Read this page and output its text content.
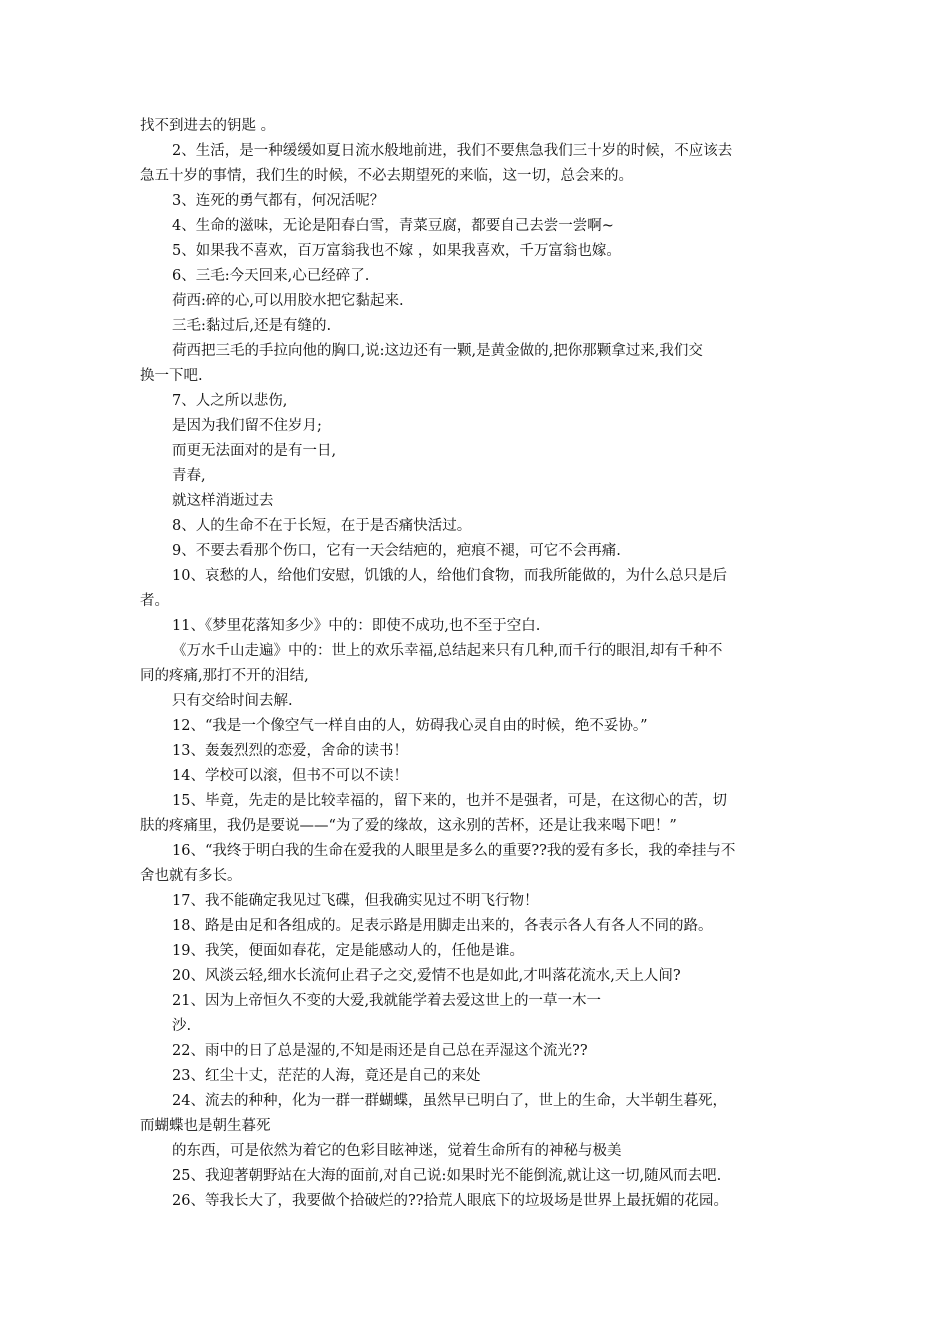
找不到进去的钥匙 。
2、生活，是一种缓缓如夏日流水般地前进，我们不要焦急我们三十岁的时候，不应该去
急五十岁的事情，我们生的时候，不必去期望死的来临，这一切，总会来的。
3、连死的勇气都有，何况活呢？
4、生命的滋味，无论是阳春白雪，青菜豆腐，都要自己去尝一尝啊~
5、如果我不喜欢，百万富翁我也不嫁 ，如果我喜欢，千万富翁也嫁。
6、三毛:今天回来,心已经碎了.
荷西:碎的心,可以用胶水把它黏起来.
三毛:黏过后,还是有缝的.
荷西把三毛的手拉向他的胸口,说:这边还有一颗,是黄金做的,把你那颗拿过来,我们交
换一下吧.
7、人之所以悲伤,
是因为我们留不住岁月;
而更无法面对的是有一日,
青春,
就这样消逝过去
8、人的生命不在于长短，在于是否痛快活过。
9、不要去看那个伤口，它有一天会结疤的，疤痕不褪，可它不会再痛.
10、哀愁的人，给他们安慰，饥饿的人，给他们食物，而我所能做的，为什么总只是后
者。
11、《梦里花落知多少》中的：即使不成功,也不至于空白.
《万水千山走遍》中的：世上的欢乐幸福,总结起来只有几种,而千行的眼泪,却有千种不
同的疼痛,那打不开的泪结,
只有交给时间去解.
12、“我是一个像空气一样自由的人，妨碍我心灵自由的时候，绝不妥协。”
13、轰轰烈烈的恋爱，舍命的读书！
14、学校可以滚，但书不可以不读！
15、毕竟，先走的是比较幸福的，留下来的，也并不是强者，可是，在这彻心的苦，切
肤的疼痛里，我仍是要说——“为了爱的缘故，这永别的苦杯，还是让我来喝下吧！”
16、“我终于明白我的生命在爱我的人眼里是多么的重要??我的爱有多长，我的牵挂与不
舍也就有多长。
17、我不能确定我见过飞碟，但我确实见过不明飞行物！
18、路是由足和各组成的。足表示路是用脚走出来的，各表示各人有各人不同的路。
19、我笑，便面如春花，定是能感动人的，任他是谁。
20、风淡云轻,细水长流何止君子之交,爱情不也是如此,才叫落花流水,天上人间?
21、因为上帝恒久不变的大爱,我就能学着去爱这世上的一草一木一
沙.
22、雨中的日了总是湿的,不知是雨还是自己总在弄湿这个流光??
23、红尘十丈，茫茫的人海，竟还是自己的来处
24、流去的种种，化为一群一群蝴蝶，虽然早已明白了，世上的生命，大半朝生暮死，
而蝴蝶也是朝生暮死
的东西，可是依然为着它的色彩目眩神迷，觉着生命所有的神秘与极美
25、我迎著朝野站在大海的面前,对自己说:如果时光不能倒流,就让这一切,随风而去吧.
26、等我长大了，我要做个拾破烂的??拾荒人眼底下的垃圾场是世界上最抚媚的花园。
